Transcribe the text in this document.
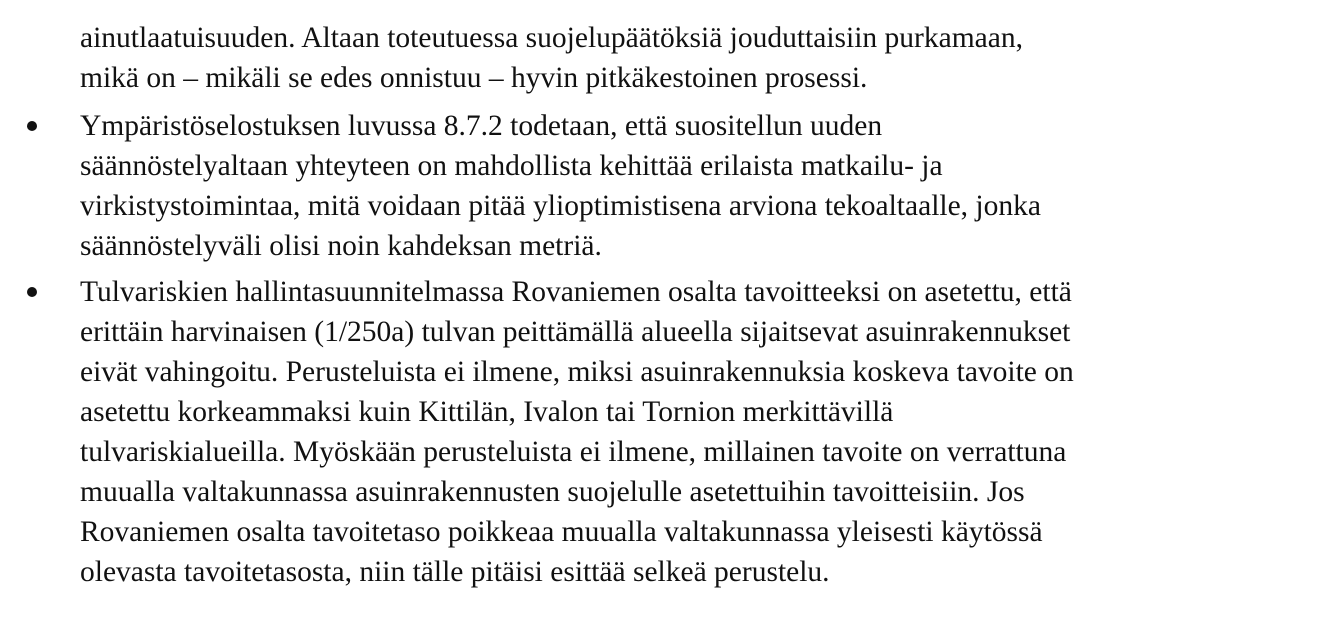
ainutlaatuisuuden. Altaan toteutuessa suojelupäätöksiä jouduttaisiin purkamaan,
mikä on – mikäli se edes onnistuu – hyvin pitkäkestoinen prosessi.
Ympäristöselostuksen luvussa 8.7.2 todetaan, että suositellun uuden
säännöstelyaltaan yhteyteen on mahdollista kehittää erilaista matkailu- ja
virkistystoimintaa, mitä voidaan pitää ylioptimistisena arviona tekoaltaalle, jonka
säännöstelyväli olisi noin kahdeksan metriä.
Tulvariskien hallintasuunnitelmassa Rovaniemen osalta tavoitteeksi on asetettu, että
erittäin harvinaisen (1/250a) tulvan peittämällä alueella sijaitsevat asuinrakennukset
eivät vahingoitu. Perusteluista ei ilmene, miksi asuinrakennuksia koskeva tavoite on
asetettu korkeammaksi kuin Kittilän, Ivalon tai Tornion merkittävillä
tulvariskialueilla. Myöskään perusteluista ei ilmene, millainen tavoite on verrattuna
muualla valtakunnassa asuinrakennusten suojelulle asetettuihin tavoitteisiin. Jos
Rovaniemen osalta tavoitetaso poikkeaa muualla valtakunnassa yleisesti käytössä
olevasta tavoitetasosta, niin tälle pitäisi esittää selkeä perustelu.
